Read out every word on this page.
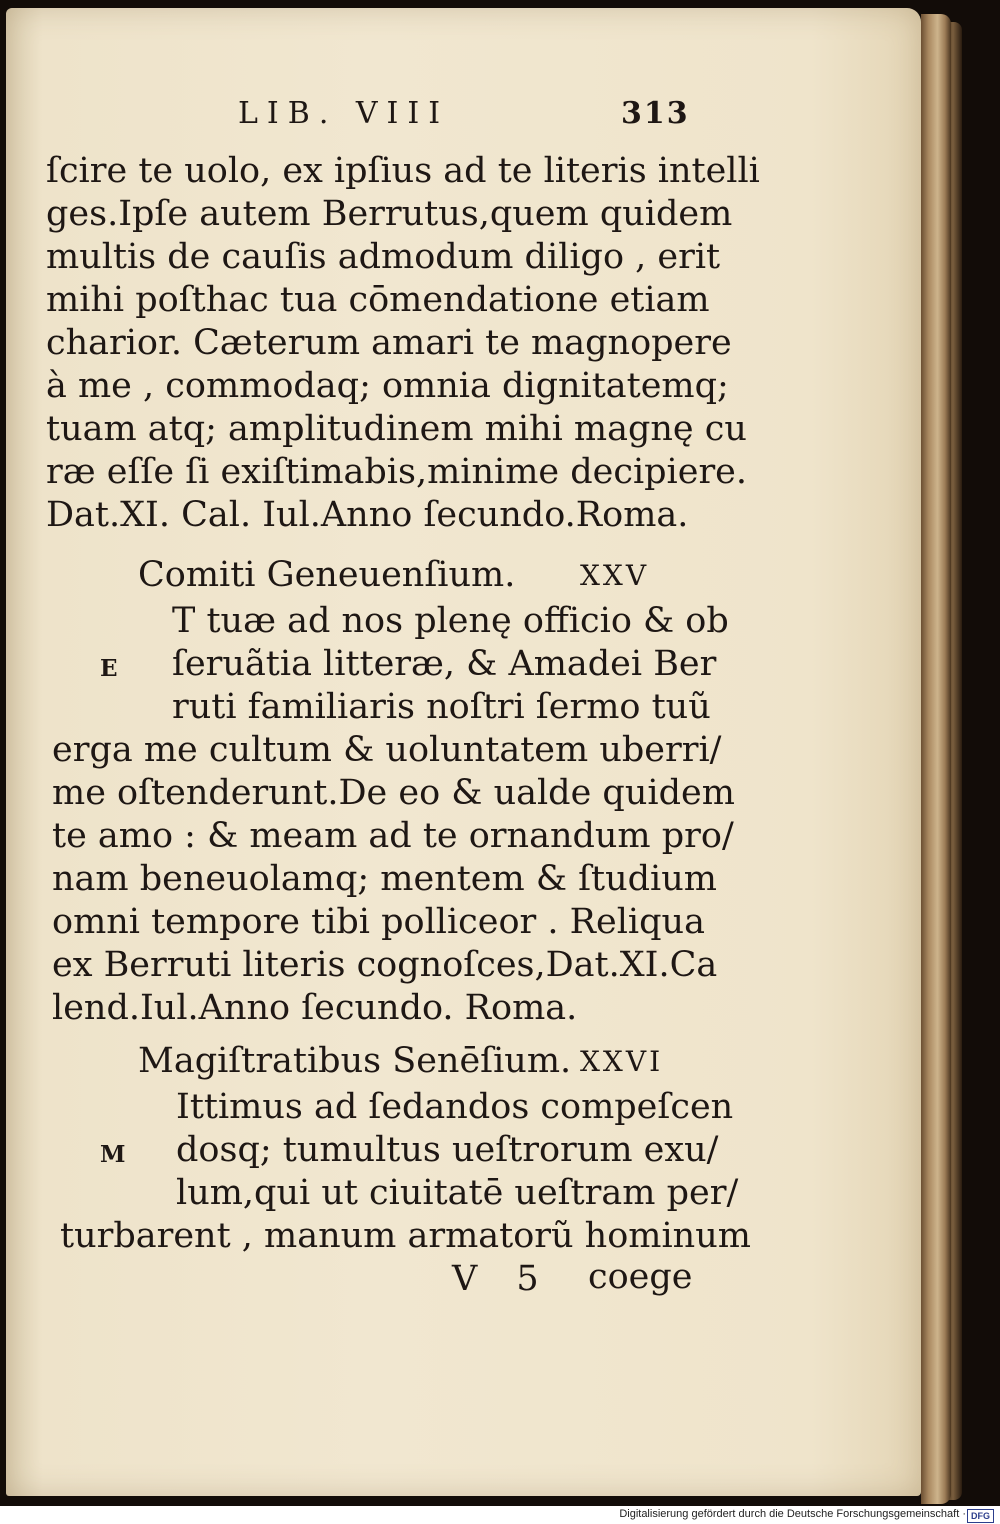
LIB. VIII	313
ſcire te uolo, ex ipſius ad te literis intelli
ges.Ipſe autem Berrutus,quem quidem
multis de cauſis admodum diligo , erit
mihi poſthac tua cōmendatione etiam
charior. Cæterum amari te magnopere
à me , commodaq; omnia dignitatemq;
tuam atq; amplitudinem mihi magnę cu
ræ eſſe ſi exiſtimabis,minime decipiere.
Dat.XI. Cal. Iul.Anno ſecundo.Roma.
Comiti Geneuenſium. XXV
E
T tuæ ad nos plenę officio & ob
ſeruãtia litteræ, & Amadei Ber
ruti familiaris noſtri ſermo tuũ
erga me cultum & uoluntatem uberri/
me oſtenderunt.De eo & ualde quidem
te amo : & meam ad te ornandum pro/
nam beneuolamq; mentem & ſtudium
omni tempore tibi polliceor . Reliqua
ex Berruti literis cognoſces,Dat.XI.Ca
lend.Iul.Anno ſecundo. Roma.
Magiſtratibus Senēſium. XXVI
M
Ittimus ad ſedandos compeſcen
dosq; tumultus ueſtrorum exu/
lum,qui ut ciuitatē ueſtram per/
turbarent , manum armatorũ hominum
V 5 coege
Digitalisierung gefördert durch die Deutsche Forschungsgemeinschaft · DFG
